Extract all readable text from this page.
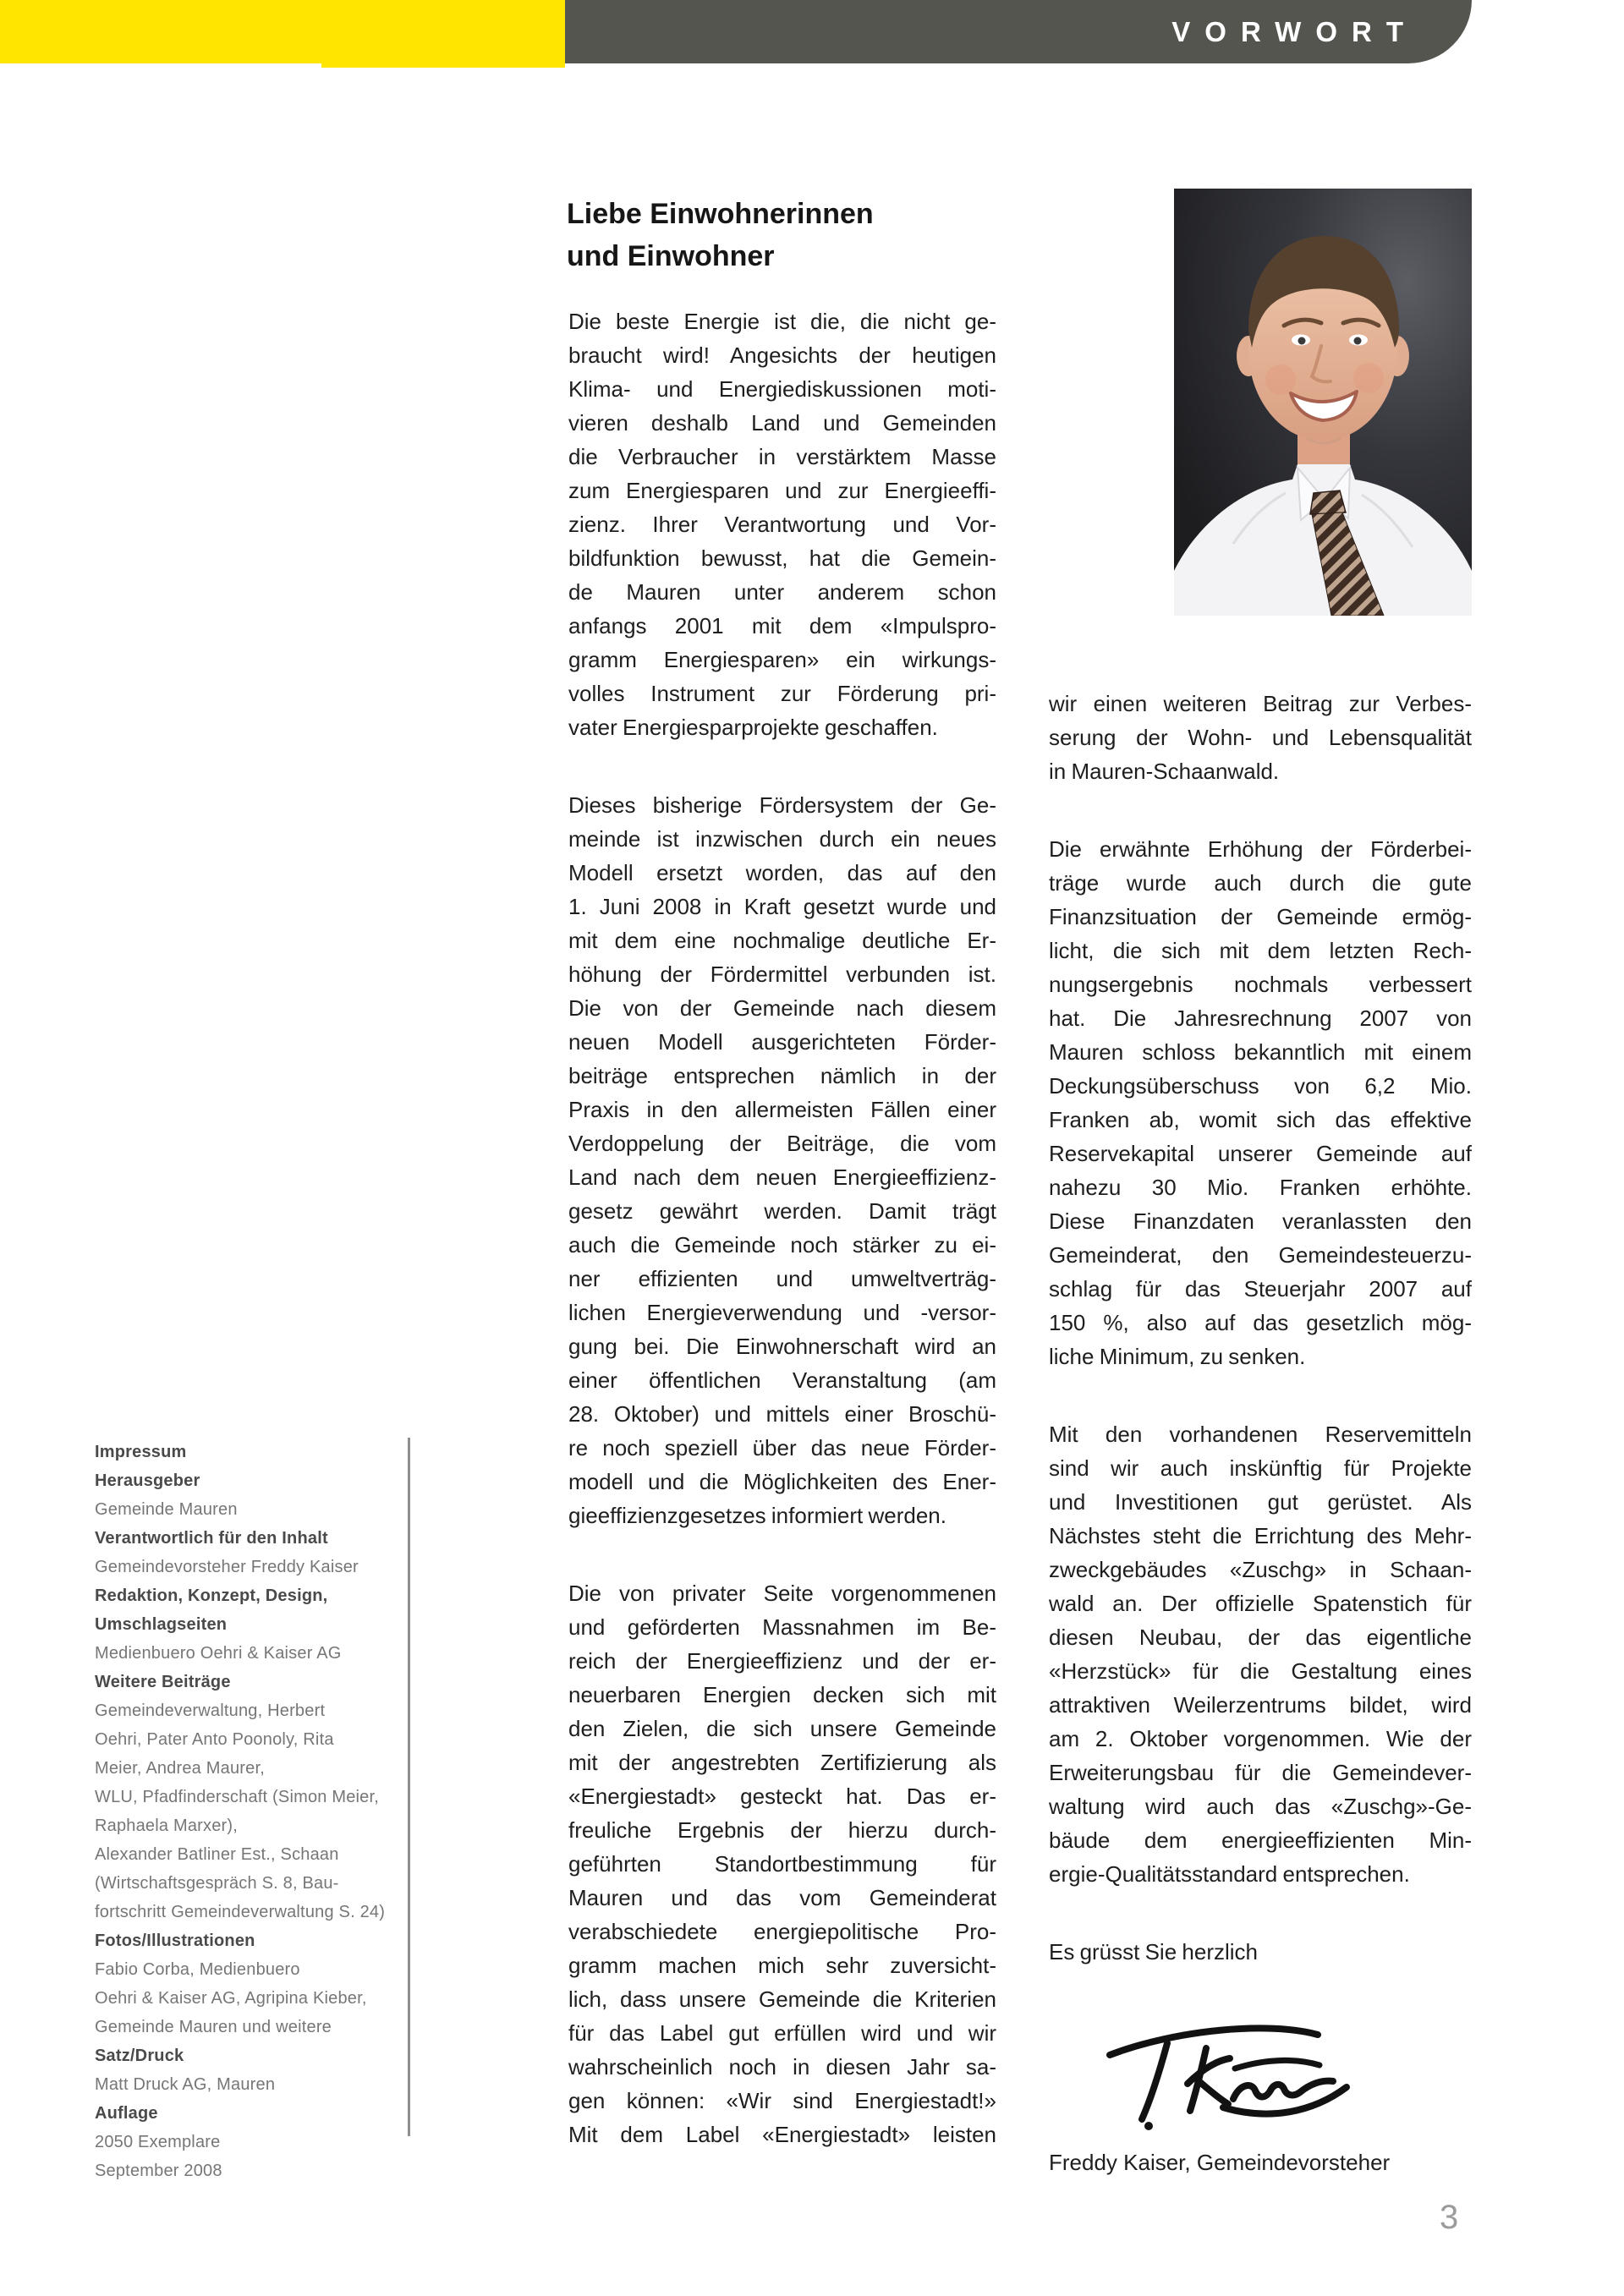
VORWORT
Liebe Einwohnerinnen
und Einwohner
Die beste Energie ist die, die nicht ge-
braucht wird! Angesichts der heutigen
Klima- und Energiediskussionen moti-
vieren deshalb Land und Gemeinden
die Verbraucher in verstärktem Masse
zum Energiesparen und zur Energieeffi-
zienz. Ihrer Verantwortung und Vor-
bildfunktion bewusst, hat die Gemein-
de Mauren unter anderem schon
anfangs 2001 mit dem «Impulspro-
gramm Energiesparen» ein wirkungs-
volles Instrument zur Förderung pri-
vater Energiesparprojekte geschaffen.
Dieses bisherige Fördersystem der Ge-
meinde ist inzwischen durch ein neues
Modell ersetzt worden, das auf den
1. Juni 2008 in Kraft gesetzt wurde und
mit dem eine nochmalige deutliche Er-
höhung der Fördermittel verbunden ist.
Die von der Gemeinde nach diesem
neuen Modell ausgerichteten Förder-
beiträge entsprechen nämlich in der
Praxis in den allermeisten Fällen einer
Verdoppelung der Beiträge, die vom
Land nach dem neuen Energieeffizienz-
gesetz gewährt werden. Damit trägt
auch die Gemeinde noch stärker zu ei-
ner effizienten und umweltverträg-
lichen Energieverwendung und -versor-
gung bei. Die Einwohnerschaft wird an
einer öffentlichen Veranstaltung (am
28. Oktober) und mittels einer Broschü-
re noch speziell über das neue Förder-
modell und die Möglichkeiten des Ener-
gieeffizienzgesetzes informiert werden.
Die von privater Seite vorgenommenen
und geförderten Massnahmen im Be-
reich der Energieeffizienz und der er-
neuerbaren Energien decken sich mit
den Zielen, die sich unsere Gemeinde
mit der angestrebten Zertifizierung als
«Energiestadt» gesteckt hat. Das er-
freuliche Ergebnis der hierzu durch-
geführten Standortbestimmung für
Mauren und das vom Gemeinderat
verabschiedete energiepolitische Pro-
gramm machen mich sehr zuversicht-
lich, dass unsere Gemeinde die Kriterien
für das Label gut erfüllen wird und wir
wahrscheinlich noch in diesen Jahr sa-
gen können: «Wir sind Energiestadt!»
Mit dem Label «Energiestadt» leisten
wir einen weiteren Beitrag zur Verbes-
serung der Wohn- und Lebensqualität
in Mauren-Schaanwald.
Die erwähnte Erhöhung der Förderbei-
träge wurde auch durch die gute
Finanzsituation der Gemeinde ermög-
licht, die sich mit dem letzten Rech-
nungsergebnis nochmals verbessert
hat. Die Jahresrechnung 2007 von
Mauren schloss bekanntlich mit einem
Deckungsüberschuss von 6,2 Mio.
Franken ab, womit sich das effektive
Reservekapital unserer Gemeinde auf
nahezu 30 Mio. Franken erhöhte.
Diese Finanzdaten veranlassten den
Gemeinderat, den Gemeindesteuerzu-
schlag für das Steuerjahr 2007 auf
150 %, also auf das gesetzlich mög-
liche Minimum, zu senken.
Mit den vorhandenen Reservemitteln
sind wir auch inskünftig für Projekte
und Investitionen gut gerüstet. Als
Nächstes steht die Errichtung des Mehr-
zweckgebäudes «Zuschg» in Schaan-
wald an. Der offizielle Spatenstich für
diesen Neubau, der das eigentliche
«Herzstück» für die Gestaltung eines
attraktiven Weilerzentrums bildet, wird
am 2. Oktober vorgenommen. Wie der
Erweiterungsbau für die Gemeindever-
waltung wird auch das «Zuschg»-Ge-
bäude dem energieeffizienten Min-
ergie-Qualitätsstandard entsprechen.
Es grüsst Sie herzlich
Impressum
Herausgeber
Gemeinde Mauren
Verantwortlich für den Inhalt
Gemeindevorsteher Freddy Kaiser
Redaktion, Konzept, Design,
Umschlagseiten
Medienbuero Oehri & Kaiser AG
Weitere Beiträge
Gemeindeverwaltung, Herbert
Oehri, Pater Anto Poonoly, Rita
Meier, Andrea Maurer,
WLU, Pfadfinderschaft (Simon Meier,
Raphaela Marxer),
Alexander Batliner Est., Schaan
(Wirtschaftsgespräch S. 8, Bau-
fortschritt Gemeindeverwaltung S. 24)
Fotos/Illustrationen
Fabio Corba, Medienbuero
Oehri & Kaiser AG, Agripina Kieber,
Gemeinde Mauren und weitere
Satz/Druck
Matt Druck AG, Mauren
Auflage
2050 Exemplare
September 2008	Freddy Kaiser, Gemeindevorsteher
3
